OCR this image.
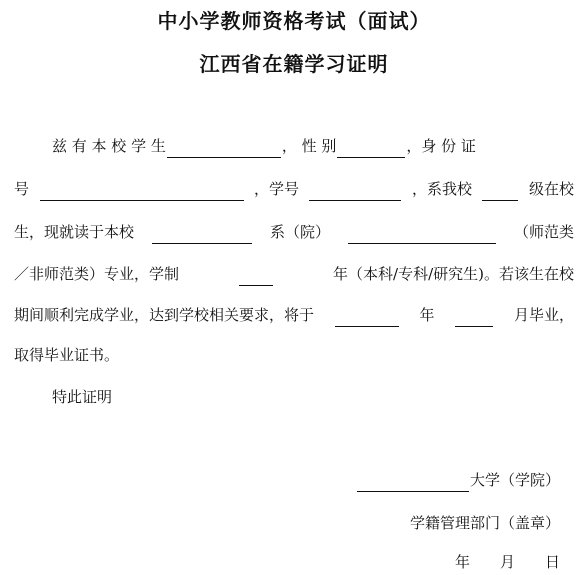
中小学教师资格考试（面试）
江西省在籍学习证明
兹 有 本 校 学 生	， 性 别	，身 份 证
号	，学号	，系我校	级在校
生，现就读于本校	系（院）	（师范类
／非师范类）专业，学制	年（本科/专科/研究生)。若该生在校
期间顺利完成学业，达到学校相关要求，将于	年	月毕业，
取得毕业证书。
特此证明
大学（学院）
学籍管理部门（盖章）
年　　月　　日
